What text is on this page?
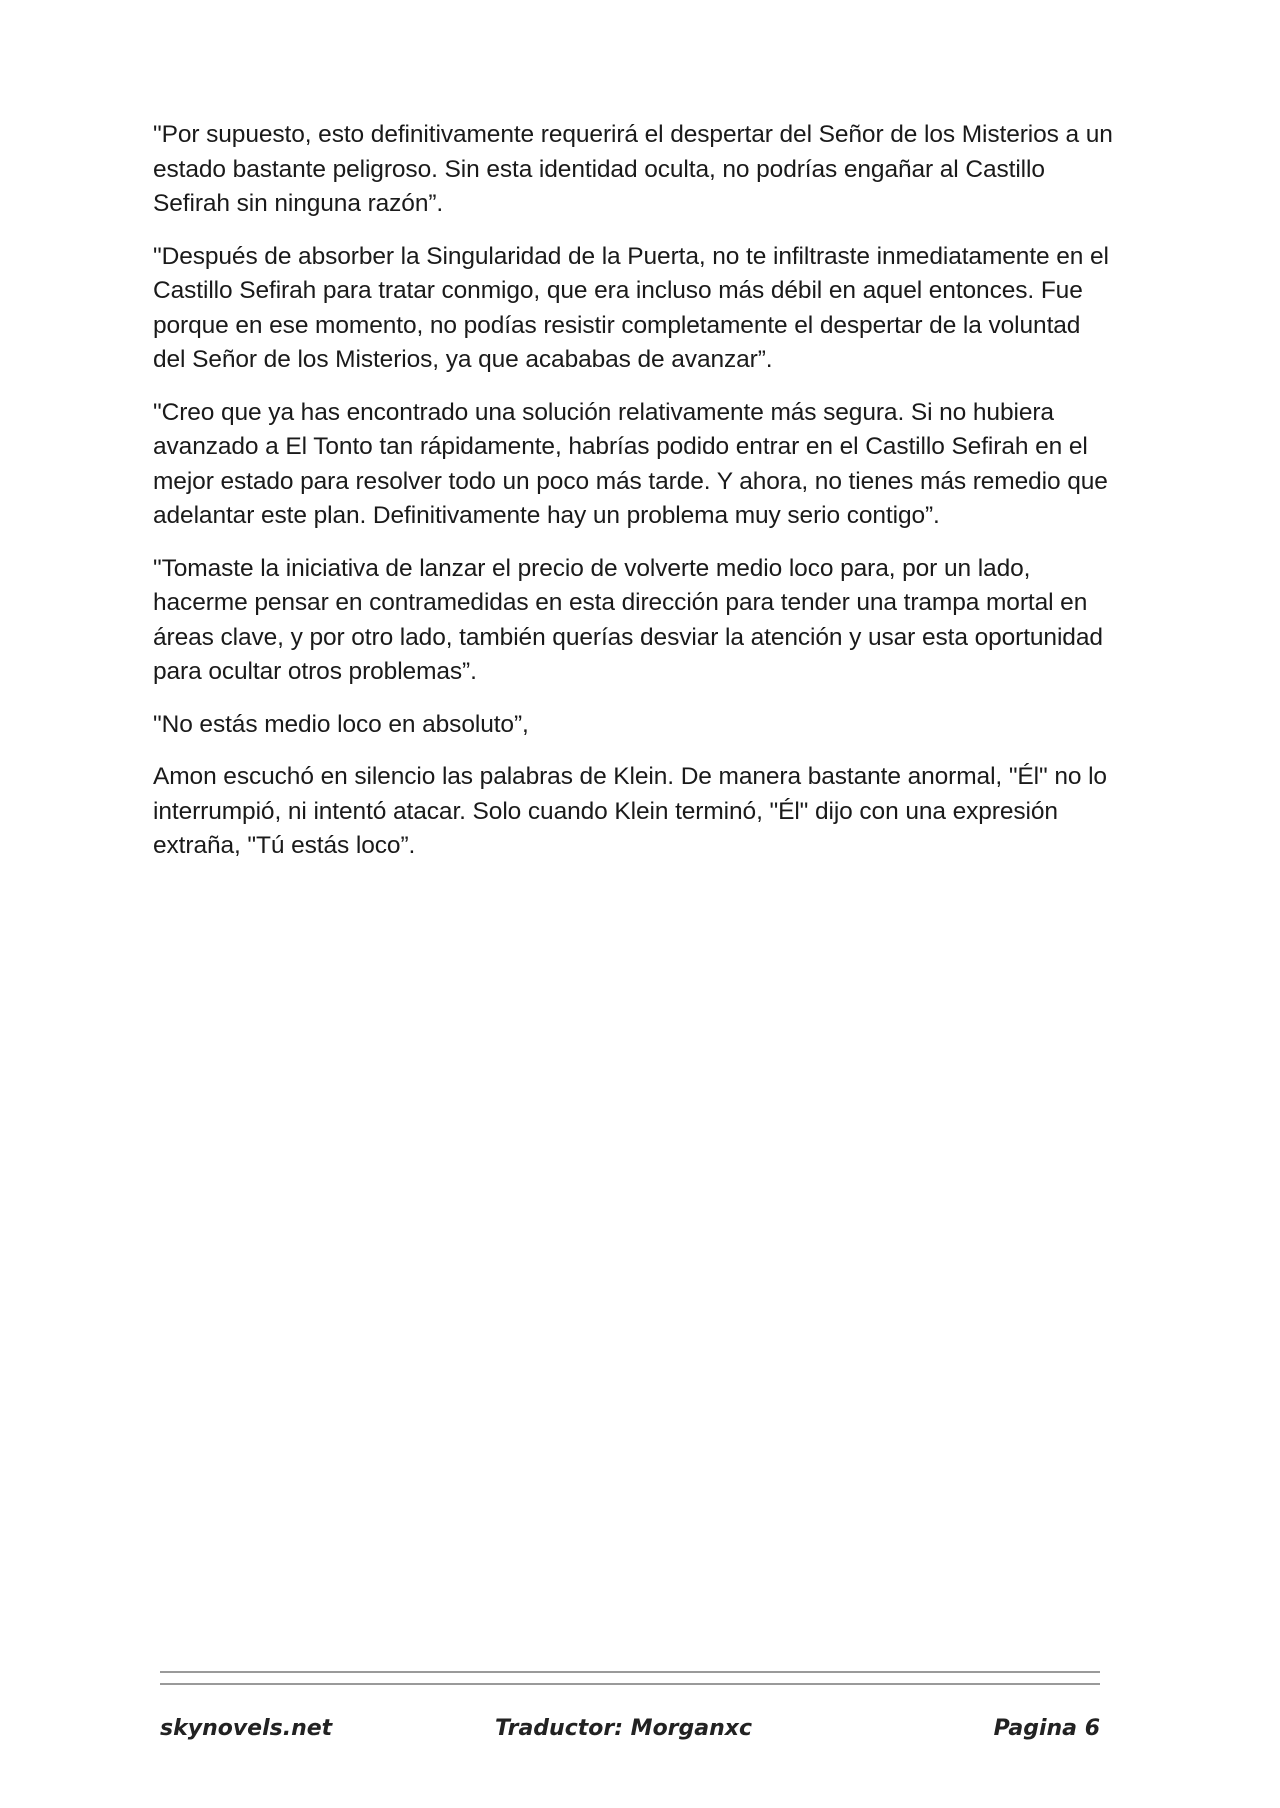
"Por supuesto, esto definitivamente requerirá el despertar del Señor de los Misterios a un estado bastante peligroso. Sin esta identidad oculta, no podrías engañar al Castillo Sefirah sin ninguna razón”.

"Después de absorber la Singularidad de la Puerta, no te infiltraste inmediatamente en el Castillo Sefirah para tratar conmigo, que era incluso más débil en aquel entonces. Fue porque en ese momento, no podías resistir completamente el despertar de la voluntad del Señor de los Misterios, ya que acababas de avanzar”.

"Creo que ya has encontrado una solución relativamente más segura. Si no hubiera avanzado a El Tonto tan rápidamente, habrías podido entrar en el Castillo Sefirah en el mejor estado para resolver todo un poco más tarde. Y ahora, no tienes más remedio que adelantar este plan. Definitivamente hay un problema muy serio contigo”.

"Tomaste la iniciativa de lanzar el precio de volverte medio loco para, por un lado, hacerme pensar en contramedidas en esta dirección para tender una trampa mortal en áreas clave, y por otro lado, también querías desviar la atención y usar esta oportunidad para ocultar otros problemas”.

"No estás medio loco en absoluto”,

Amon escuchó en silencio las palabras de Klein. De manera bastante anormal, "Él" no lo interrumpió, ni intentó atacar. Solo cuando Klein terminó, "Él" dijo con una expresión extraña, "Tú estás loco”.

skynovels.net	Traductor: Morganxc	Pagina 6
